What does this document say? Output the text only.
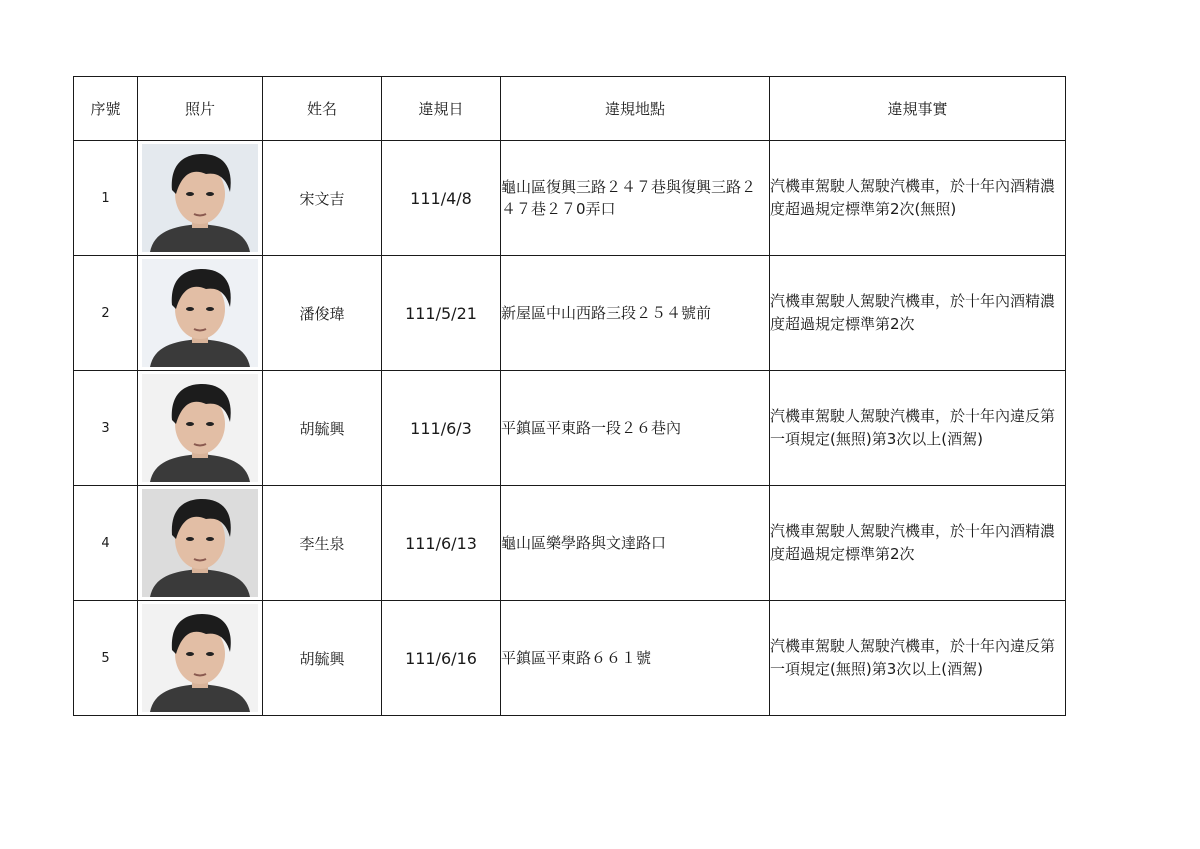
序號	照片	姓名	違規日	違規地點	違規事實
1		宋文吉	111/4/8	龜山區復興三路２４７巷與復興三路２４７巷２７0弄口	汽機車駕駛人駕駛汽機車，於十年內酒精濃度超過規定標準第2次(無照)
2		潘俊瑋	111/5/21	新屋區中山西路三段２５４號前	汽機車駕駛人駕駛汽機車，於十年內酒精濃度超過規定標準第2次
3		胡毓興	111/6/3	平鎮區平東路一段２６巷內	汽機車駕駛人駕駛汽機車，於十年內違反第一項規定(無照)第3次以上(酒駕)
4		李生泉	111/6/13	龜山區樂學路與文達路口	汽機車駕駛人駕駛汽機車，於十年內酒精濃度超過規定標準第2次
5		胡毓興	111/6/16	平鎮區平東路６６１號	汽機車駕駛人駕駛汽機車，於十年內違反第一項規定(無照)第3次以上(酒駕)
